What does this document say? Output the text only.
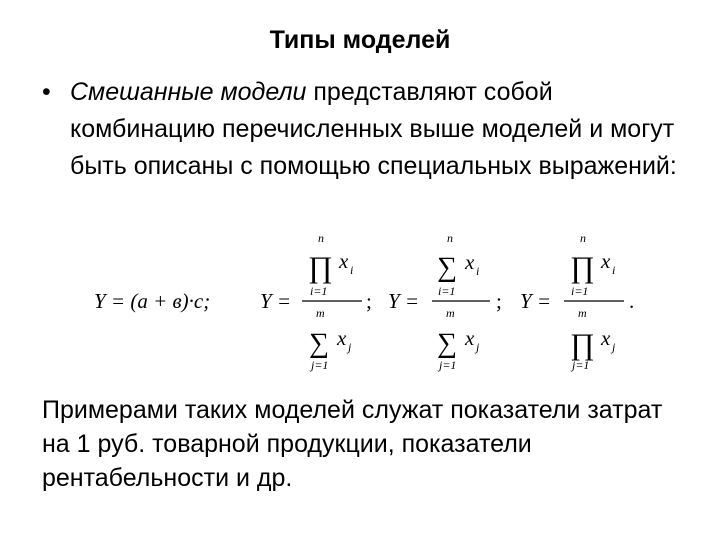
Типы моделей
• Смешанные модели представляют собой комбинацию перечисленных выше моделей и могут быть описаны с помощью специальных выражений:
Y = (a + в)·c; Y =
n
∏ x i
i=1
m
∑ x j
j=1
; Y =
n
∑ x i
i=1
m
∑ x j
j=1
; Y =
n
∏ x i
i=1
m
∏ x j
j=1
.
Примерами таких моделей служат показатели затрат на 1 руб. товарной продукции, показатели рентабельности и др.
